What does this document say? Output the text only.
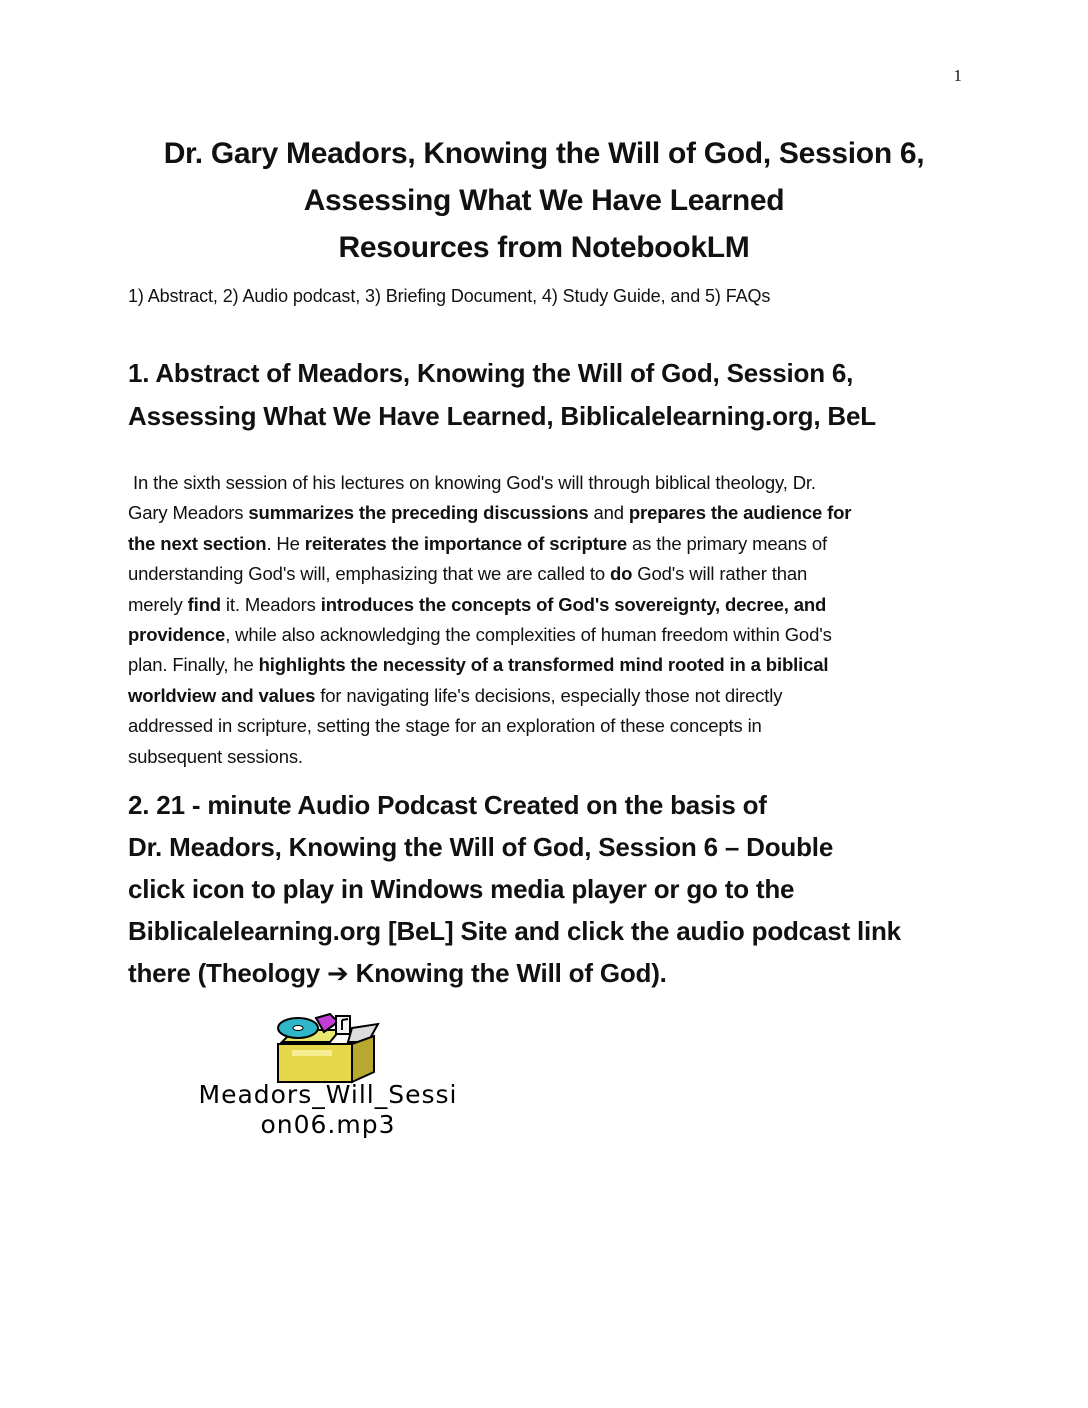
1
Dr. Gary Meadors, Knowing the Will of God, Session 6,
Assessing What We Have Learned
Resources from NotebookLM
1) Abstract, 2) Audio podcast, 3) Briefing Document, 4) Study Guide, and 5) FAQs
1. Abstract of Meadors, Knowing the Will of God, Session 6,
Assessing What We Have Learned, Biblicalelearning.org, BeL
In the sixth session of his lectures on knowing God's will through biblical theology, Dr.
Gary Meadors summarizes the preceding discussions and prepares the audience for
the next section. He reiterates the importance of scripture as the primary means of
understanding God's will, emphasizing that we are called to do God's will rather than
merely find it. Meadors introduces the concepts of God's sovereignty, decree, and
providence, while also acknowledging the complexities of human freedom within God's
plan. Finally, he highlights the necessity of a transformed mind rooted in a biblical
worldview and values for navigating life's decisions, especially those not directly
addressed in scripture, setting the stage for an exploration of these concepts in
subsequent sessions.
2. 21 - minute Audio Podcast Created on the basis of
Dr. Meadors, Knowing the Will of God, Session 6 – Double
click icon to play in Windows media player or go to the
Biblicalelearning.org [BeL] Site and click the audio podcast link
there (Theology ➔ Knowing the Will of God).
Meadors_Will_Sessi
on06.mp3
